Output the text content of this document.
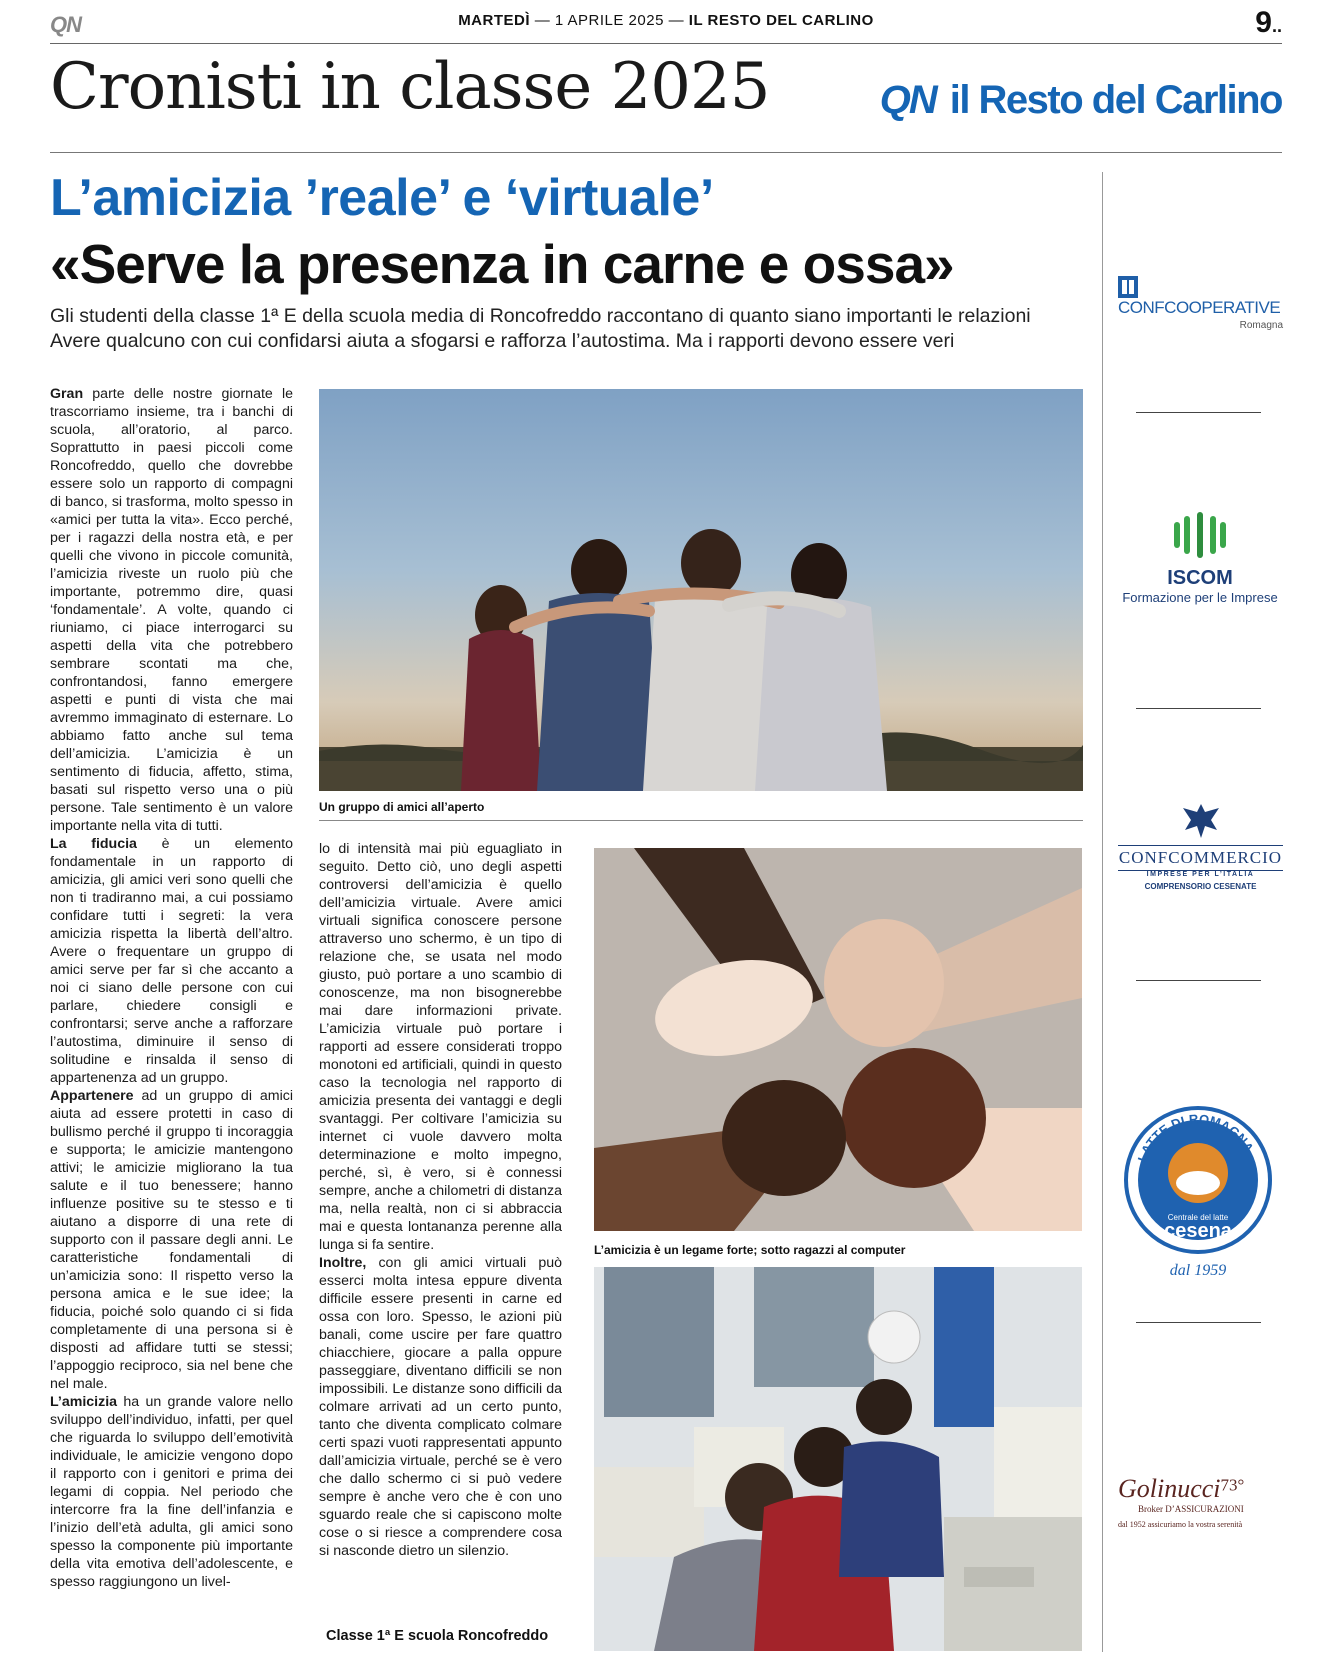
QN	MARTEDÌ — 1 APRILE 2025 — IL RESTO DEL CARLINO	9..
Cronisti in classe 2025	QN il Resto del Carlino
L’amicizia ’reale’ e ‘virtuale’
«Serve la presenza in carne e ossa»

Gli studenti della classe 1ª E della scuola media di Roncofreddo raccontano di quanto siano importanti le relazioni

Avere qualcuno con cui confidarsi aiuta a sfogarsi e rafforza l’autostima. Ma i rapporti devono essere veri

Gran parte delle nostre giornate le trascorriamo insieme, tra i banchi di scuola, all’oratorio, al parco. Soprattutto in paesi piccoli come Roncofreddo, quello che dovrebbe essere solo un rapporto di compagni di banco, si trasforma, molto spesso in «amici per tutta la vita». Ecco perché, per i ragazzi della nostra età, e per quelli che vivono in piccole comunità, l’amicizia riveste un ruolo più che importante, potremmo dire, quasi ‘fondamentale’. A volte, quando ci riuniamo, ci piace interrogarci su aspetti della vita che potrebbero sembrare scontati ma che, confrontandosi, fanno emergere aspetti e punti di vista che mai avremmo immaginato di esternare. Lo abbiamo fatto anche sul tema dell’amicizia. L’amicizia è un sentimento di fiducia, affetto, stima, basati sul rispetto verso una o più persone. Tale sentimento è un valore importante nella vita di tutti.

La fiducia è un elemento fondamentale in un rapporto di amicizia, gli amici veri sono quelli che non ti tradiranno mai, a cui possiamo confidare tutti i segreti: la vera amicizia rispetta la libertà dell’altro. Avere o frequentare un gruppo di amici serve per far sì che accanto a noi ci siano delle persone con cui parlare, chiedere consigli e confrontarsi; serve anche a rafforzare l’autostima, diminuire il senso di solitudine e rinsalda il senso di appartenenza ad un gruppo.

Appartenere ad un gruppo di amici aiuta ad essere protetti in caso di bullismo perché il gruppo ti incoraggia e supporta; le amicizie mantengono attivi; le amicizie migliorano la tua salute e il tuo benessere; hanno influenze positive su te stesso e ti aiutano a disporre di una rete di supporto con il passare degli anni. Le caratteristiche fondamentali di un’amicizia sono: Il rispetto verso la persona amica e le sue idee; la fiducia, poiché solo quando ci si fida completamente di una persona si è disposti ad affidare tutti se stessi; l’appoggio reciproco, sia nel bene che nel male.

L’amicizia ha un grande valore nello sviluppo dell’individuo, infatti, per quel che riguarda lo sviluppo dell’emotività individuale, le amicizie vengono dopo il rapporto con i genitori e prima dei legami di coppia. Nel periodo che intercorre fra la fine dell’infanzia e l’inizio dell’età adulta, gli amici sono spesso la componente più importante della vita emotiva dell’adolescente, e spesso raggiungono un livel-

lo di intensità mai più eguagliato in seguito. Detto ciò, uno degli aspetti controversi dell’amicizia è quello dell’amicizia virtuale. Avere amici virtuali significa conoscere persone attraverso uno schermo, è un tipo di relazione che, se usata nel modo giusto, può portare a uno scambio di conoscenze, ma non bisognerebbe mai dare informazioni private. L’amicizia virtuale può portare i rapporti ad essere considerati troppo monotoni ed artificiali, quindi in questo caso la tecnologia nel rapporto di amicizia presenta dei vantaggi e degli svantaggi. Per coltivare l’amicizia su internet ci vuole davvero molta determinazione e molto impegno, perché, sì, è vero, si è connessi sempre, anche a chilometri di distanza ma, nella realtà, non ci si abbraccia mai e questa lontananza perenne alla lunga si fa sentire.

Inoltre, con gli amici virtuali può esserci molta intesa eppure diventa difficile essere presenti in carne ed ossa con loro. Spesso, le azioni più banali, come uscire per fare quattro chiacchiere, giocare a palla oppure passeggiare, diventano difficili se non impossibili. Le distanze sono difficili da colmare arrivati ad un certo punto, tanto che diventa complicato colmare certi spazi vuoti rappresentati appunto dall’amicizia virtuale, perché se è vero che dallo schermo ci si può vedere sempre è anche vero che è con uno sguardo reale che si capiscono molte cose o si riesce a comprendere cosa si nasconde dietro un silenzio.

Classe 1ª E scuola Roncofreddo
Un gruppo di amici all’aperto
L’amicizia è un legame forte; sotto ragazzi al computer
CONFCOOPERATIVE
Romagna
ISCOM
Formazione per le Imprese
CONFCOMMERCIO
IMPRESE PER L’ITALIA
COMPRENSORIO CESENATE
LATTE DI ROMAGNA
Centrale del latte
cesena
dal 1959
Golinucci73°
Broker D’ASSICURAZIONI
dal 1952 assicuriamo la vostra serenità
